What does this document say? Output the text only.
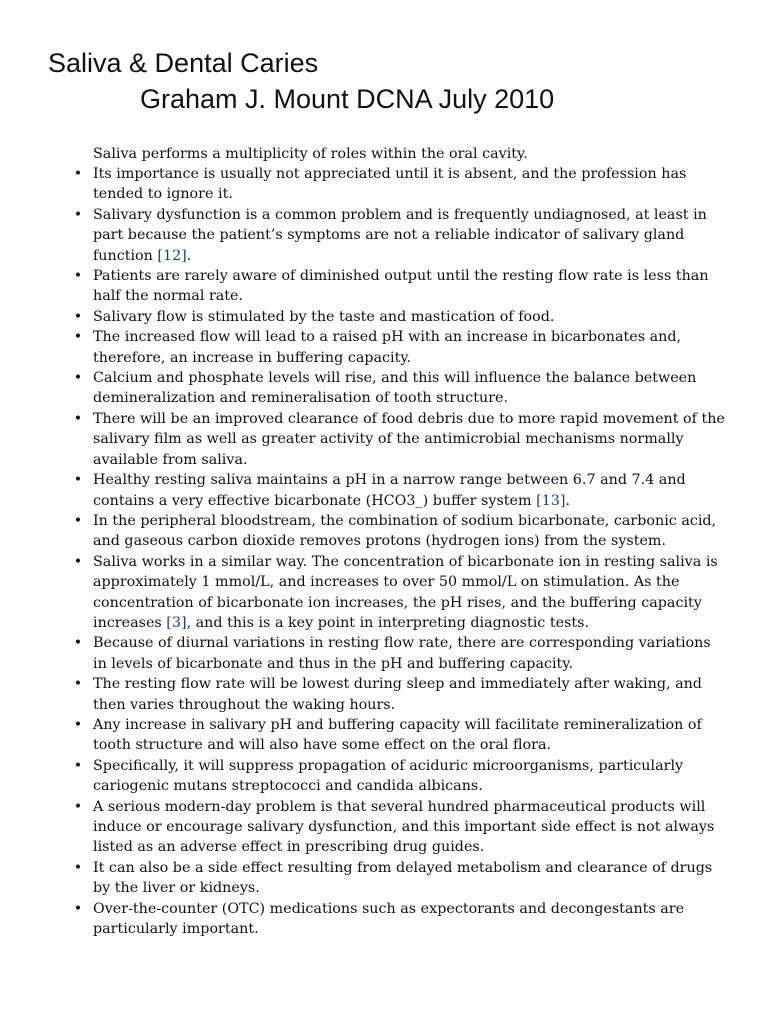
Saliva & Dental Caries
Graham J. Mount DCNA July 2010

Saliva performs a multiplicity of roles within the oral cavity.

• Its importance is usually not appreciated until it is absent, and the profession has tended to ignore it.
• Salivary dysfunction is a common problem and is frequently undiagnosed, at least in part because the patient’s symptoms are not a reliable indicator of salivary gland function [12].
• Patients are rarely aware of diminished output until the resting flow rate is less than half the normal rate.
• Salivary flow is stimulated by the taste and mastication of food.
• The increased flow will lead to a raised pH with an increase in bicarbonates and, therefore, an increase in buffering capacity.
• Calcium and phosphate levels will rise, and this will influence the balance between demineralization and remineralisation of tooth structure.
• There will be an improved clearance of food debris due to more rapid movement of the salivary film as well as greater activity of the antimicrobial mechanisms normally available from saliva.
• Healthy resting saliva maintains a pH in a narrow range between 6.7 and 7.4 and contains a very effective bicarbonate (HCO3_) buffer system [13].
• In the peripheral bloodstream, the combination of sodium bicarbonate, carbonic acid, and gaseous carbon dioxide removes protons (hydrogen ions) from the system.
• Saliva works in a similar way. The concentration of bicarbonate ion in resting saliva is approximately 1 mmol/L, and increases to over 50 mmol/L on stimulation. As the concentration of bicarbonate ion increases, the pH rises, and the buffering capacity increases [3], and this is a key point in interpreting diagnostic tests.
• Because of diurnal variations in resting flow rate, there are corresponding variations in levels of bicarbonate and thus in the pH and buffering capacity.
• The resting flow rate will be lowest during sleep and immediately after waking, and then varies throughout the waking hours.
• Any increase in salivary pH and buffering capacity will facilitate remineralization of tooth structure and will also have some effect on the oral flora.
• Specifically, it will suppress propagation of aciduric microorganisms, particularly cariogenic mutans streptococci and candida albicans.
• A serious modern-day problem is that several hundred pharmaceutical products will induce or encourage salivary dysfunction, and this important side effect is not always listed as an adverse effect in prescribing drug guides.
• It can also be a side effect resulting from delayed metabolism and clearance of drugs by the liver or kidneys.
• Over-the-counter (OTC) medications such as expectorants and decongestants are particularly important.
